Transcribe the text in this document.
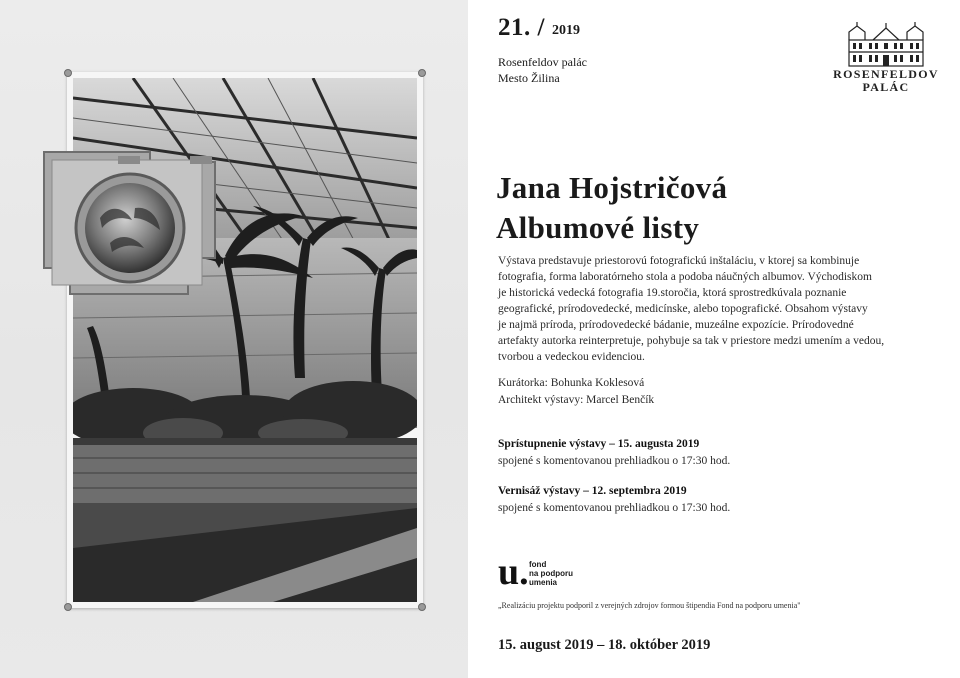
21. / 2019
Rosenfeldov palác
Mesto Žilina	ROSENFELDOV
PALÁC
Jana Hojstričová
Albumové listy
Výstava predstavuje priestorovú fotografickú inštaláciu, v ktorej sa kombinuje
fotografia, forma laboratórneho stola a podoba náučných albumov. Východiskom
je historická vedecká fotografia 19.storočia, ktorá sprostredkúvala poznanie
geografické, prírodovedecké, medicínske, alebo topografické. Obsahom výstavy
je najmä príroda, prírodovedecké bádanie, muzeálne expozície. Prírodovedné
artefakty autorka reinterpretuje, pohybuje sa tak v priestore medzi umením a vedou,
tvorbou a vedeckou evidenciou.
Kurátorka: Bohunka Koklesová
Architekt výstavy: Marcel Benčík
Sprístupnenie výstavy – 15. augusta 2019
spojené s komentovanou prehliadkou o 17:30 hod.
Vernisáž výstavy – 12. septembra 2019
spojené s komentovanou prehliadkou o 17:30 hod.
u. fond
na podporu
umenia
„Realizáciu projektu podporil z verejných zdrojov formou štipendia Fond na podporu umenia"
15. august 2019 – 18. október 2019
